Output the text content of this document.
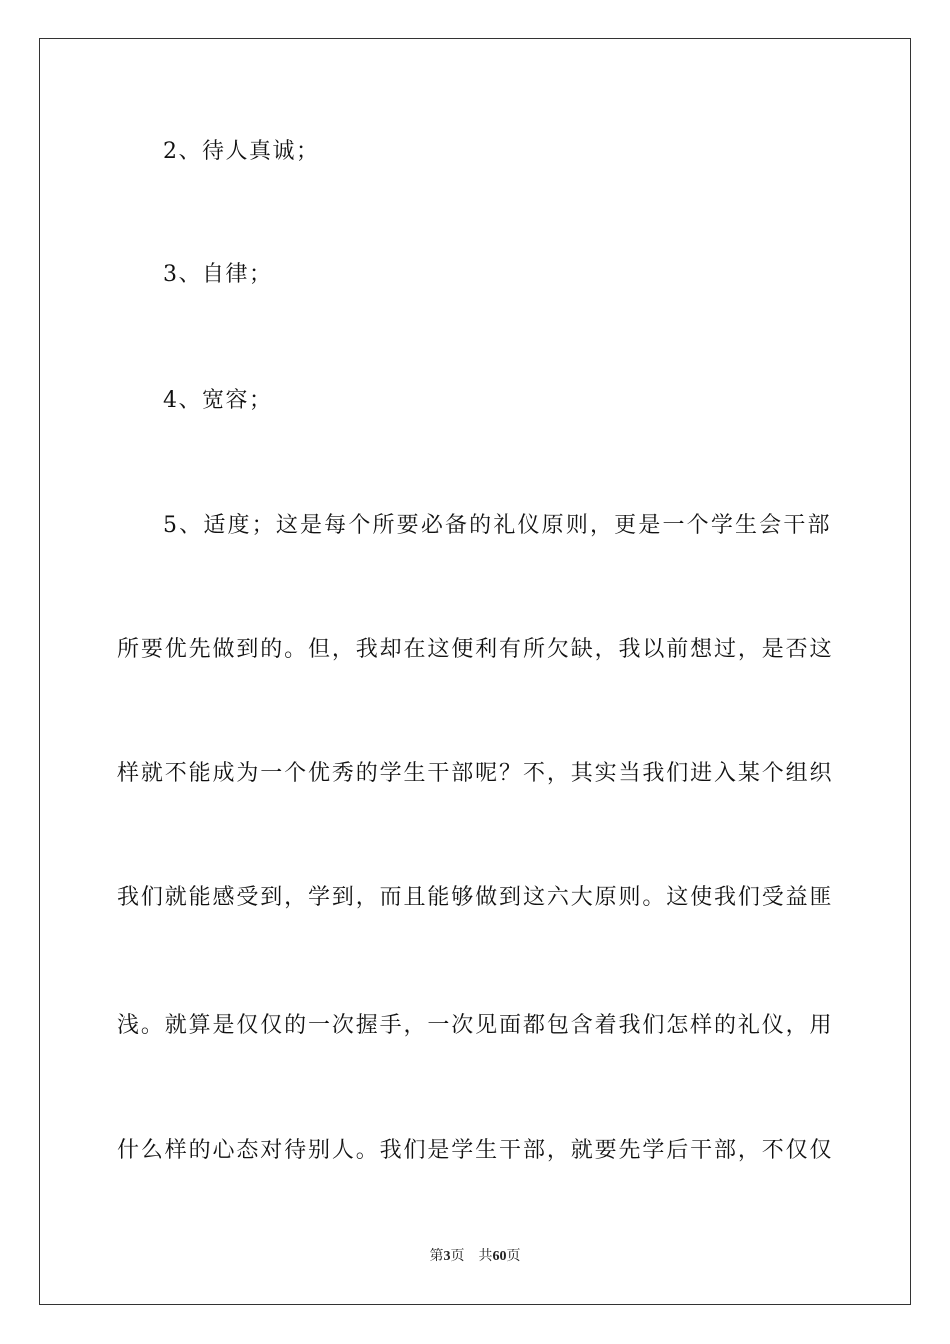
2、待人真诚；
3、自律；
4、宽容；
5、适度；这是每个所要必备的礼仪原则，更是一个学生会干部
所要优先做到的。但，我却在这便利有所欠缺，我以前想过，是否这
样就不能成为一个优秀的学生干部呢？不，其实当我们进入某个组织
我们就能感受到，学到，而且能够做到这六大原则。这使我们受益匪
浅。就算是仅仅的一次握手，一次见面都包含着我们怎样的礼仪，用
什么样的心态对待别人。我们是学生干部，就要先学后干部，不仅仅
第3页 共60页
